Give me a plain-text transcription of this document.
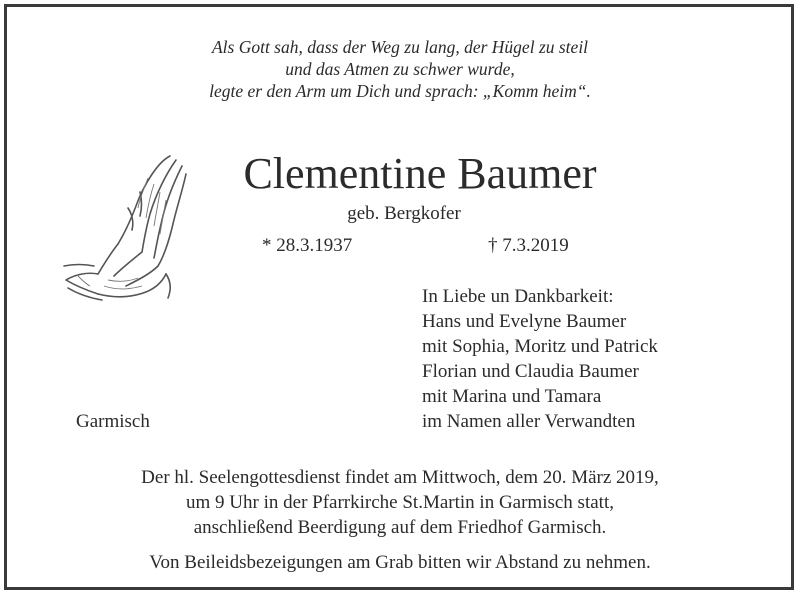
Als Gott sah, dass der Weg zu lang, der Hügel zu steil
und das Atmen zu schwer wurde,
legte er den Arm um Dich und sprach: „Komm heim“.
Clementine Baumer
geb. Bergkofer
* 28.3.1937	† 7.3.2019
In Liebe un Dankbarkeit:
Hans und Evelyne Baumer
mit Sophia, Moritz und Patrick
Florian und Claudia Baumer
mit Marina und Tamara
im Namen aller Verwandten
Garmisch
Der hl. Seelengottesdienst findet am Mittwoch, dem 20. März 2019,
um 9 Uhr in der Pfarrkirche St.Martin in Garmisch statt,
anschließend Beerdigung auf dem Friedhof Garmisch.
Von Beileidsbezeigungen am Grab bitten wir Abstand zu nehmen.
